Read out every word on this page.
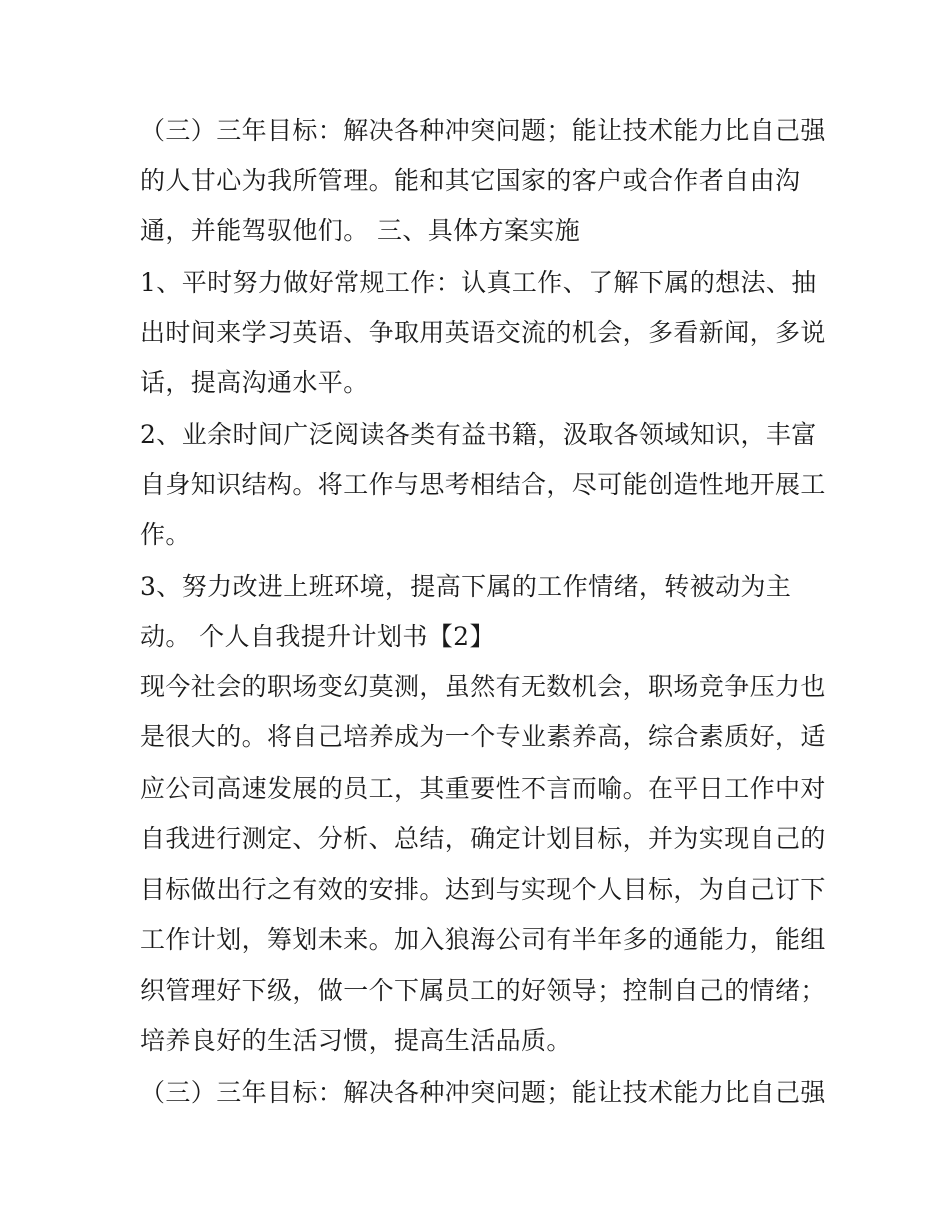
（三）三年目标：解决各种冲突问题；能让技术能力比自己强
的人甘心为我所管理。能和其它国家的客户或合作者自由沟
通，并能驾驭他们。 三、具体方案实施
1、平时努力做好常规工作：认真工作、了解下属的想法、抽
出时间来学习英语、争取用英语交流的机会，多看新闻，多说
话，提高沟通水平。
2、业余时间广泛阅读各类有益书籍，汲取各领域知识，丰富
自身知识结构。将工作与思考相结合，尽可能创造性地开展工
作。
3、努力改进上班环境，提高下属的工作情绪，转被动为主
动。 个人自我提升计划书【2】
现今社会的职场变幻莫测，虽然有无数机会，职场竞争压力也
是很大的。将自己培养成为一个专业素养高，综合素质好，适
应公司高速发展的员工，其重要性不言而喻。在平日工作中对
自我进行测定、分析、总结，确定计划目标，并为实现自己的
目标做出行之有效的安排。达到与实现个人目标，为自己订下
工作计划，筹划未来。加入狼海公司有半年多的通能力，能组
织管理好下级，做一个下属员工的好领导；控制自己的情绪；
培养良好的生活习惯，提高生活品质。
（三）三年目标：解决各种冲突问题；能让技术能力比自己强
